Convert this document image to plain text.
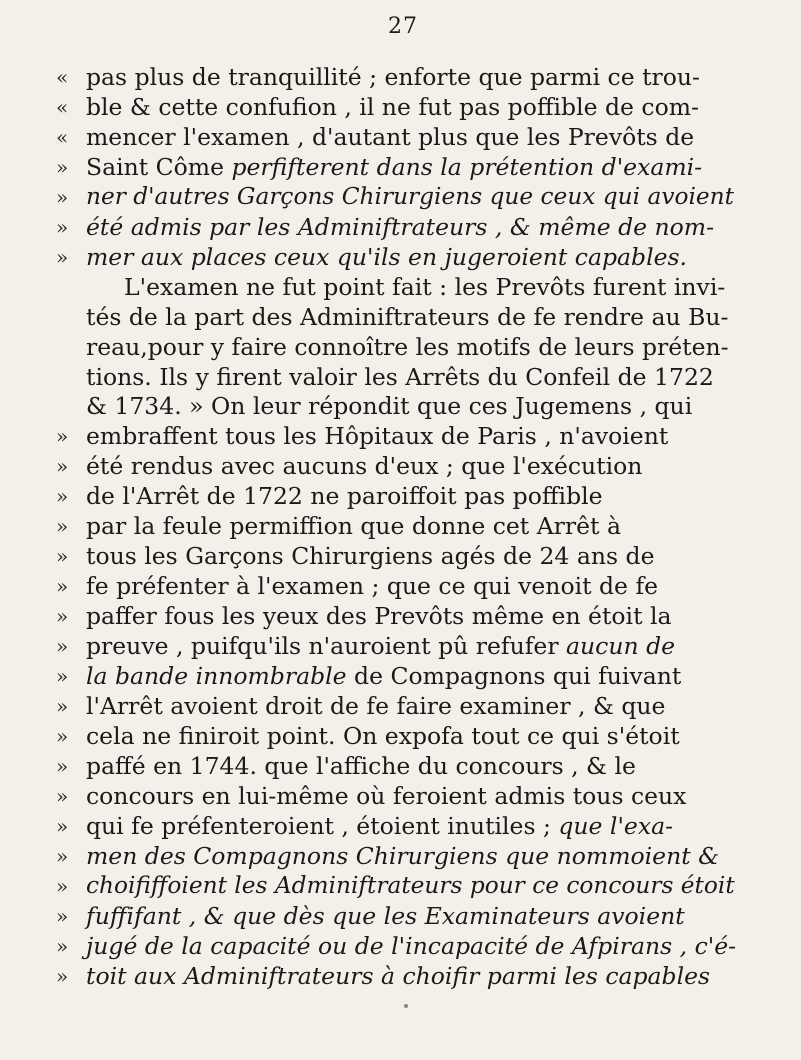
27
« pas plus de tranquillité ; enforte que parmi ce trou-
« ble & cette confufion , il ne fut pas poffible de com-
« mencer l'examen , d'autant plus que les Prevôts de
» Saint Côme perfifterent dans la prétention d'exami-
» ner d'autres Garçons Chirurgiens que ceux qui avoient
» été admis par les Adminiftrateurs , & même de nom-
» mer aux places ceux qu'ils en jugeroient capables.
L'examen ne fut point fait : les Prevôts furent invi-
tés de la part des Adminiftrateurs de fe rendre au Bu-
reau,pour y faire connoître les motifs de leurs préten-
tions. Ils y firent valoir les Arrêts du Confeil de 1722
& 1734. » On leur répondit que ces Jugemens , qui
» embraffent tous les Hôpitaux de Paris , n'avoient
» été rendus avec aucuns d'eux ; que l'exécution
» de l'Arrêt de 1722 ne paroiffoit pas poffible
» par la feule permiffion que donne cet Arrêt à
» tous les Garçons Chirurgiens agés de 24 ans de
» fe préfenter à l'examen ; que ce qui venoit de fe
» paffer fous les yeux des Prevôts même en étoit la
» preuve , puifqu'ils n'auroient pû refufer aucun de
» la bande innombrable de Compagnons qui fuivant
» l'Arrêt avoient droit de fe faire examiner , & que
» cela ne finiroit point. On expofa tout ce qui s'étoit
» paffé en 1744. que l'affiche du concours , & le
» concours en lui-même où feroient admis tous ceux
» qui fe préfenteroient , étoient inutiles ; que l'exa-
» men des Compagnons Chirurgiens que nommoient &
» choififfoient les Adminiftrateurs pour ce concours étoit
» fuffifant , & que dès que les Examinateurs avoient
» jugé de la capacité ou de l'incapacité de Afpirans , c'é-
» toit aux Adminiftrateurs à choifir parmi les capables
